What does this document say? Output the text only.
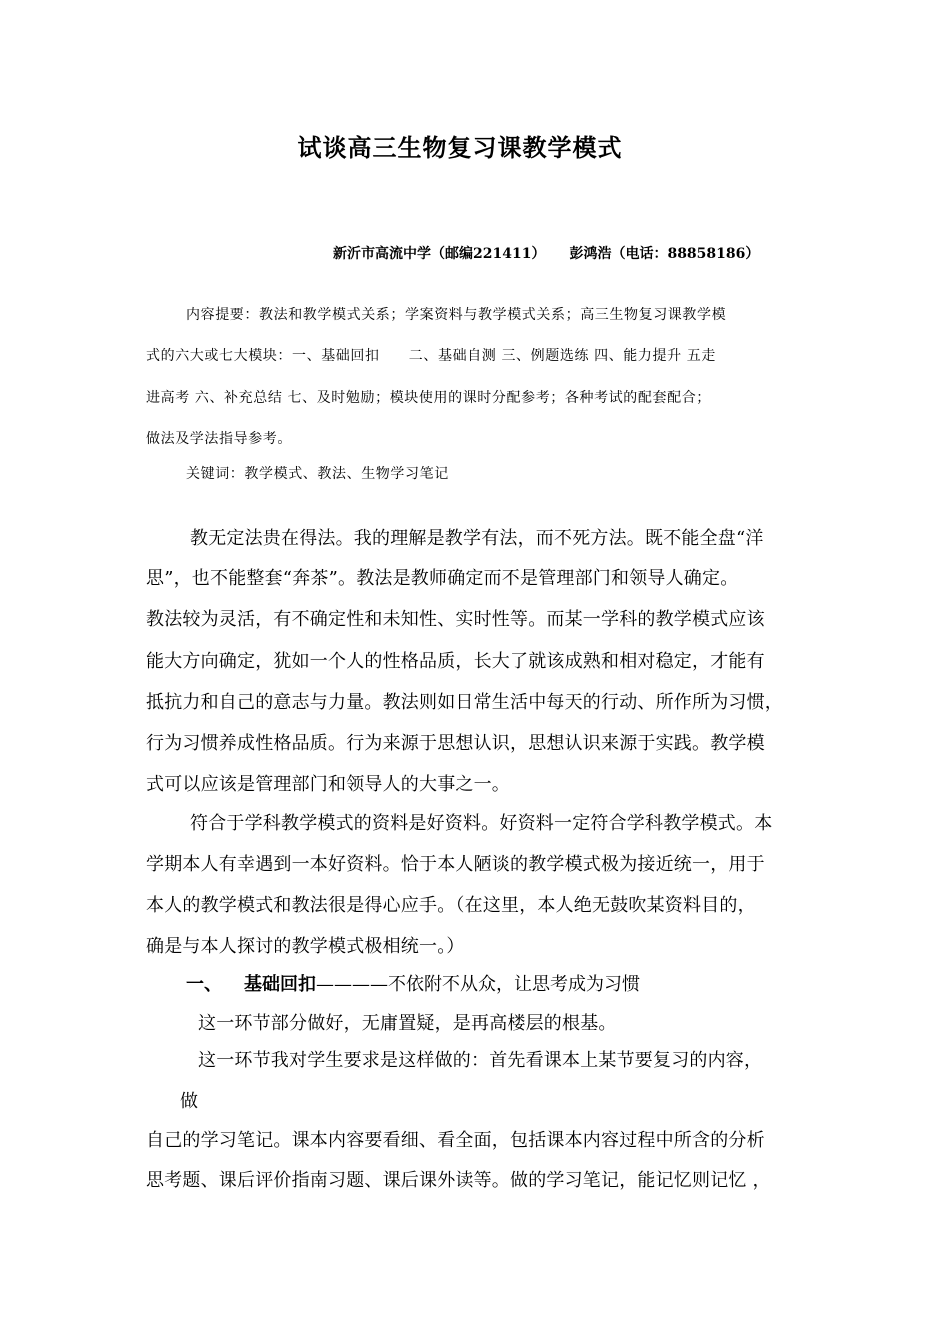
试谈高三生物复习课教学模式
新沂市高流中学（邮编221411） 彭鸿浩（电话：88858186）
内容提要：教法和教学模式关系；学案资料与教学模式关系；高三生物复习课教学模
式的六大或七大模块：一、基础回扣　　二、基础自测 三、例题选练 四、能力提升 五走
进高考 六、补充总结 七、及时勉励；模块使用的课时分配参考；各种考试的配套配合；
做法及学法指导参考。
关键词：教学模式、教法、生物学习笔记
教无定法贵在得法。我的理解是教学有法，而不死方法。既不能全盘“洋
思”，也不能整套“奔茶”。教法是教师确定而不是管理部门和领导人确定。
教法较为灵活，有不确定性和未知性、实时性等。而某一学科的教学模式应该
能大方向确定，犹如一个人的性格品质，长大了就该成熟和相对稳定，才能有
抵抗力和自己的意志与力量。教法则如日常生活中每天的行动、所作所为习惯，
行为习惯养成性格品质。行为来源于思想认识，思想认识来源于实践。教学模
式可以应该是管理部门和领导人的大事之一。
符合于学科教学模式的资料是好资料。好资料一定符合学科教学模式。本
学期本人有幸遇到一本好资料。恰于本人陋谈的教学模式极为接近统一，用于
本人的教学模式和教法很是得心应手。（在这里，本人绝无鼓吹某资料目的，
确是与本人探讨的教学模式极相统一。）
一、 基础回扣————不依附不从众，让思考成为习惯
这一环节部分做好，无庸置疑，是再高楼层的根基。
这一环节我对学生要求是这样做的：首先看课本上某节要复习的内容，
做
自己的学习笔记。课本内容要看细、看全面，包括课本内容过程中所含的分析
思考题、课后评价指南习题、课后课外读等。做的学习笔记，能记忆则记忆 ，
